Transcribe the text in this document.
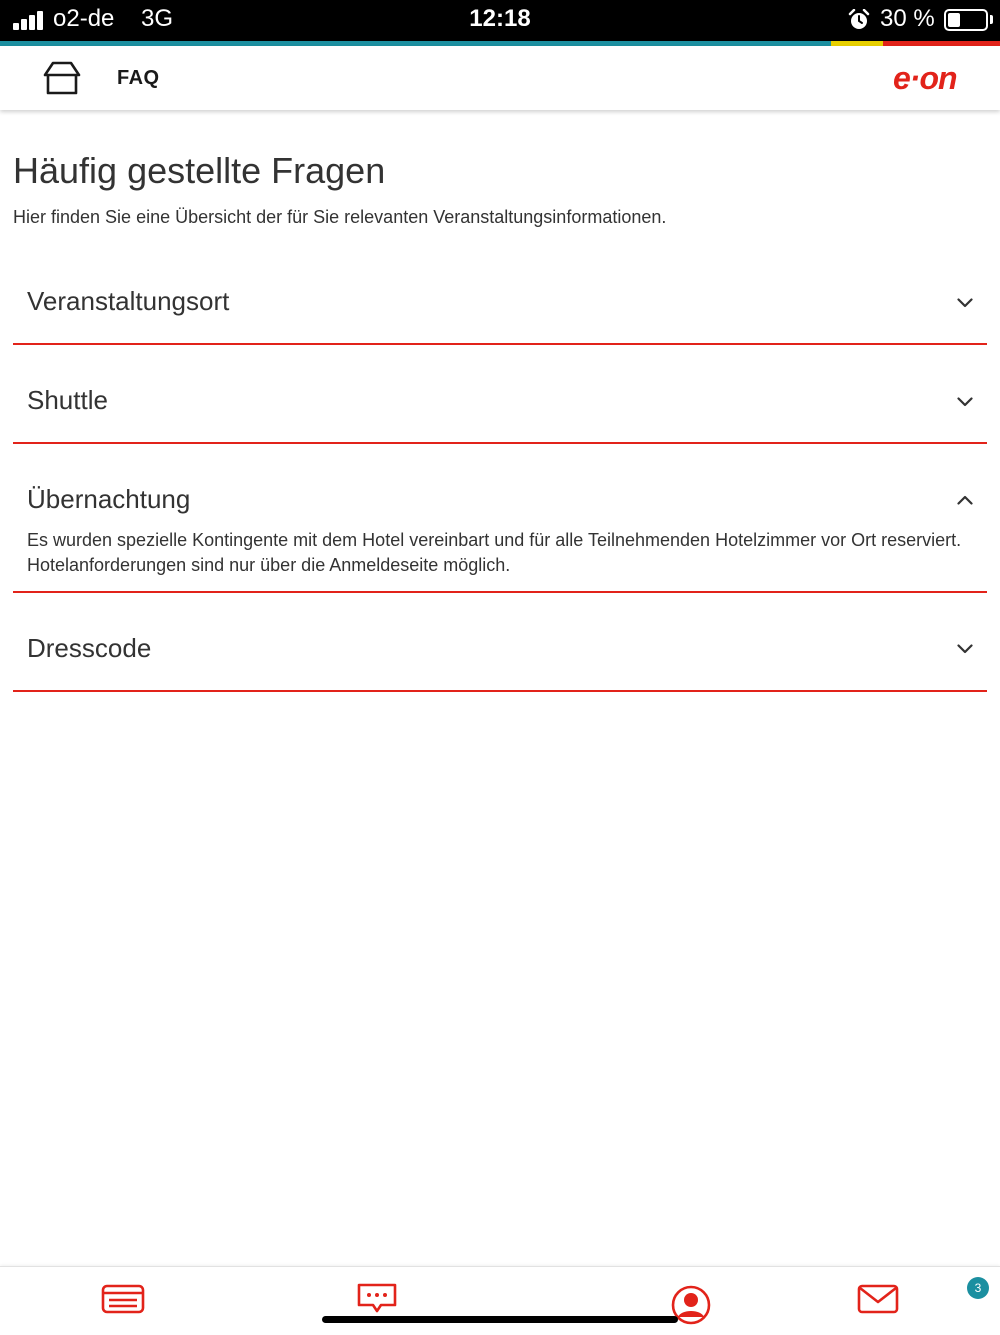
o2-de 3G	12:18	30 %
FAQ	e·on
Häufig gestellte Fragen

Hier finden Sie eine Übersicht der für Sie relevanten Veranstaltungsinformationen.

Veranstaltungsort
Shuttle
Übernachtung
Es wurden spezielle Kontingente mit dem Hotel vereinbart und für alle Teilnehmenden Hotelzimmer vor Ort reserviert. Hotelanforderungen sind nur über die Anmeldeseite möglich.
Dresscode
3
